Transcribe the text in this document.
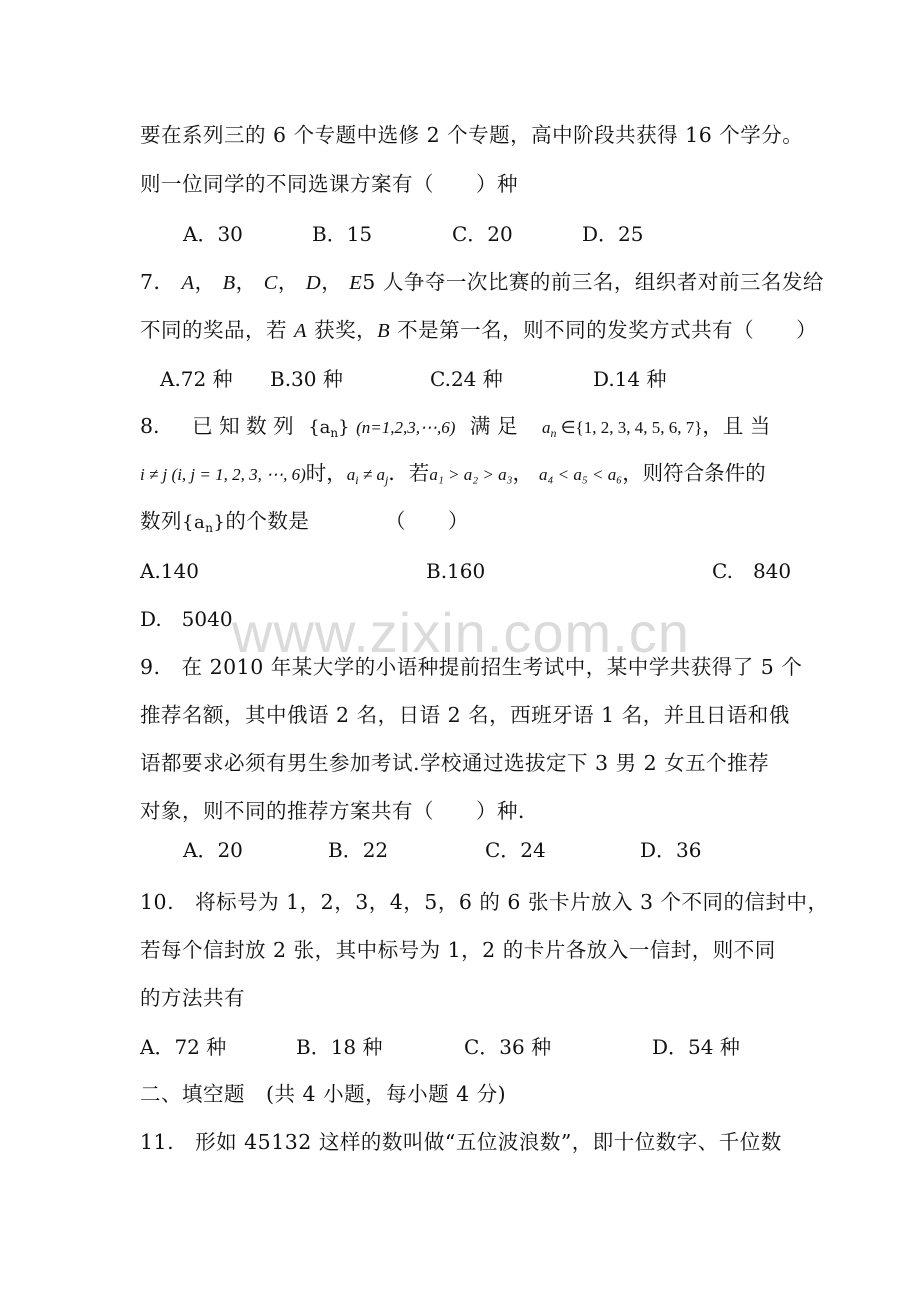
要在系列三的 6 个专题中选修 2 个专题，高中阶段共获得 16 个学分。
则一位同学的不同选课方案有（　　）种
A．30	B．15	C．20	D．25
7． A， B， C， D， E5 人争夺一次比赛的前三名，组织者对前三名发给
不同的奖品，若 A 获奖，B 不是第一名，则不同的发奖方式共有（　　）
A.72 种 B.30 种	C.24 种	D.14 种
8. 已 知 数 列 $\{a_n\}$ (n=1,2,3,⋯,6) 满 足 $a_n$ ∈{1, 2, 3, 4, 5, 6, 7}，且 当
i ≠ j (i, j = 1, 2, 3, ⋯, 6)时，$a_i \ne a_j$．若a₁ > a₂ > a₃， a₄ < a₅ < a₆，则符合条件的
数列$\{a_n\}$的个数是	（　　）
A.140	B.160	C.　840
D.　5040
9.　在 2010 年某大学的小语种提前招生考试中，某中学共获得了 5 个
推荐名额，其中俄语 2 名，日语 2 名，西班牙语 1 名，并且日语和俄
语都要求必须有男生参加考试.学校通过选拔定下 3 男 2 女五个推荐
对象，则不同的推荐方案共有（　　）种．
A．20	B．22	C．24	D．36
10.　将标号为 1，2，3，4，5，6 的 6 张卡片放入 3 个不同的信封中，
若每个信封放 2 张，其中标号为 1，2 的卡片各放入一信封，则不同
的方法共有
A．72 种	B．18 种	C．36 种	D．54 种
二、填空题　(共 4 小题，每小题 4 分)
11.　形如 45132 这样的数叫做“五位波浪数”，即十位数字、千位数
www.zixin.com.cn
